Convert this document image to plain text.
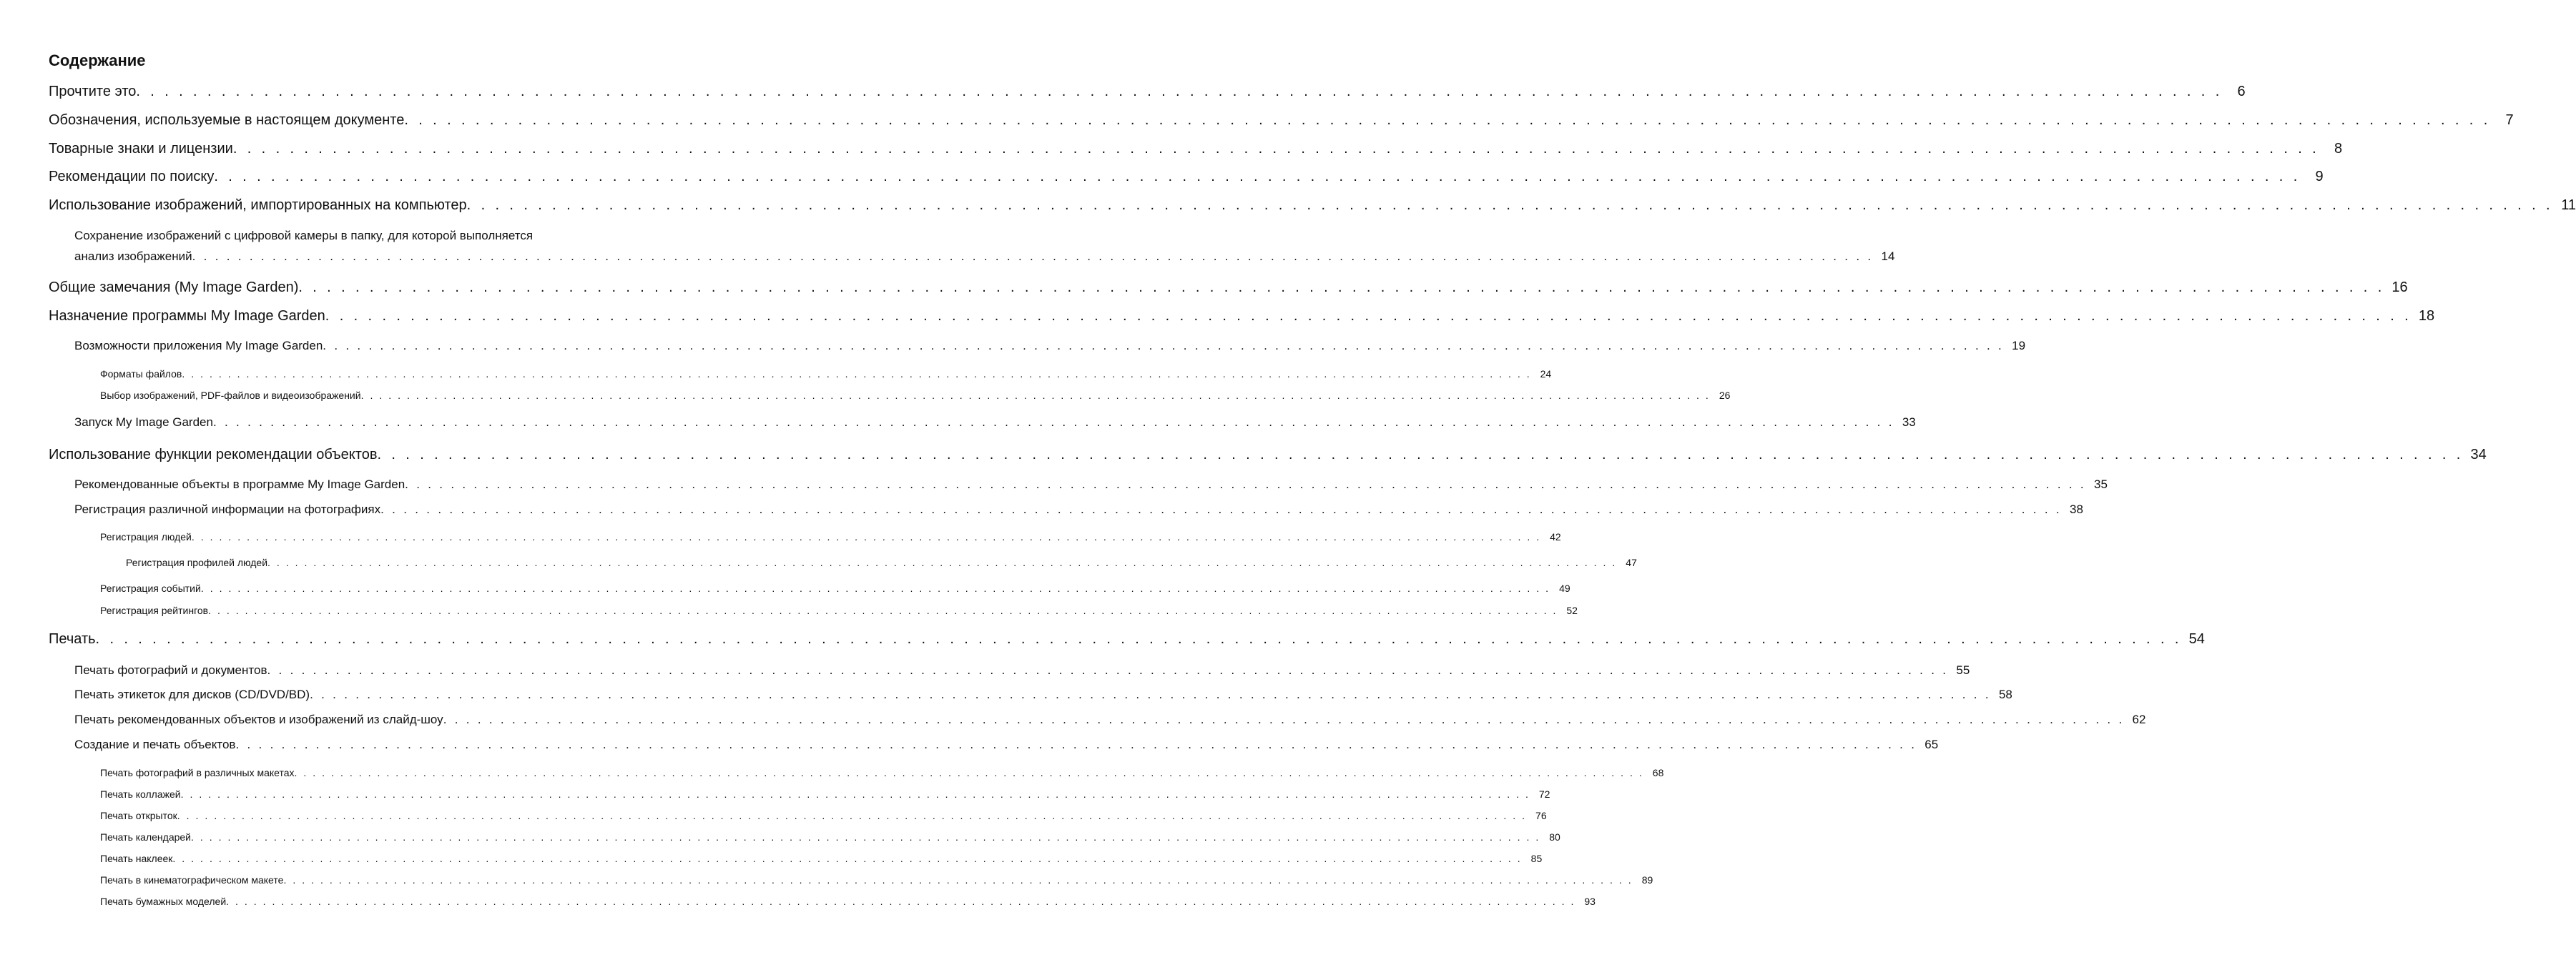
Содержание
Прочтите это . . . . . . . . . . . . . . . . . . . . . . . . . . . . . . . . . . . . . . . . . . . . . . . . . . . . . . . . . . . . . . . . . . . . . . . . . . . . . . . . . . . . . . . . . . . . . . . . . . . . . . . . . . . . . . . . . . . . . . . . . . . . . . . . . . . . . . . . . . . . . . . . . . .	6
Обозначения, используемые в настоящем документе . . . . . . . . . . . . . . . . . . . . . . . . . . . . . . . . . . . . . . . . . . . . . . . . . . . . . . . . . . . . . . . . . . . . . . . . . . . . . . . . . . . . . . . . . . . . . . . . . . . . . . . . . . . . . . . . . . . . . . . . . . . . . . . . . . . . . . . . . . . . . . . . . . .	7
Товарные знаки и лицензии . . . . . . . . . . . . . . . . . . . . . . . . . . . . . . . . . . . . . . . . . . . . . . . . . . . . . . . . . . . . . . . . . . . . . . . . . . . . . . . . . . . . . . . . . . . . . . . . . . . . . . . . . . . . . . . . . . . . . . . . . . . . . . . . . . . . . . . . . . . . . . . . . . .	8
Рекомендации по поиску . . . . . . . . . . . . . . . . . . . . . . . . . . . . . . . . . . . . . . . . . . . . . . . . . . . . . . . . . . . . . . . . . . . . . . . . . . . . . . . . . . . . . . . . . . . . . . . . . . . . . . . . . . . . . . . . . . . . . . . . . . . . . . . . . . . . . . . . . . . . . . . . . . .	9
Использование изображений, импортированных на компьютер . . . . . . . . . . . . . . . . . . . . . . . . . . . . . . . . . . . . . . . . . . . . . . . . . . . . . . . . . . . . . . . . . . . . . . . . . . . . . . . . . . . . . . . . . . . . . . . . . . . . . . . . . . . . . . . . . . . . . . . . . . . . . . . . . . . . . . . . . . . . . . . . . . . 11
Сохранение изображений с цифровой камеры в папку, для которой выполняется
анализ изображений . . . . . . . . . . . . . . . . . . . . . . . . . . . . . . . . . . . . . . . . . . . . . . . . . . . . . . . . . . . . . . . . . . . . . . . . . . . . . . . . . . . . . . . . . . . . . . . . . . . . . . . . . . . . . . . . . . . . . . . . . . . . . . . . . . . . . . . . . . . . . . . . . . . 14
Общие замечания (My Image Garden) . . . . . . . . . . . . . . . . . . . . . . . . . . . . . . . . . . . . . . . . . . . . . . . . . . . . . . . . . . . . . . . . . . . . . . . . . . . . . . . . . . . . . . . . . . . . . . . . . . . . . . . . . . . . . . . . . . . . . . . . . . . . . . . . . . . . . . . . . . . . . . . . . . . 16
Назначение программы My Image Garden . . . . . . . . . . . . . . . . . . . . . . . . . . . . . . . . . . . . . . . . . . . . . . . . . . . . . . . . . . . . . . . . . . . . . . . . . . . . . . . . . . . . . . . . . . . . . . . . . . . . . . . . . . . . . . . . . . . . . . . . . . . . . . . . . . . . . . . . . . . . . . . . . . . 18
Возможности приложения My Image Garden . . . . . . . . . . . . . . . . . . . . . . . . . . . . . . . . . . . . . . . . . . . . . . . . . . . . . . . . . . . . . . . . . . . . . . . . . . . . . . . . . . . . . . . . . . . . . . . . . . . . . . . . . . . . . . . . . . . . . . . . . . . . . . . . . . . . . . . . . . . . . . . . . . . 19
Форматы файлов . . . . . . . . . . . . . . . . . . . . . . . . . . . . . . . . . . . . . . . . . . . . . . . . . . . . . . . . . . . . . . . . . . . . . . . . . . . . . . . . . . . . . . . . . . . . . . . . . . . . . . . . . . . . . . . . . . . . . . . . . . . . . . . . . . . . . . . . . . . . . . . . . . . 24
Выбор изображений, PDF-файлов и видеоизображений . . . . . . . . . . . . . . . . . . . . . . . . . . . . . . . . . . . . . . . . . . . . . . . . . . . . . . . . . . . . . . . . . . . . . . . . . . . . . . . . . . . . . . . . . . . . . . . . . . . . . . . . . . . . . . . . . . . . . . . . . . . . . . . . . . . . . . . . . . . . . . . . . . . 26
Запуск My Image Garden . . . . . . . . . . . . . . . . . . . . . . . . . . . . . . . . . . . . . . . . . . . . . . . . . . . . . . . . . . . . . . . . . . . . . . . . . . . . . . . . . . . . . . . . . . . . . . . . . . . . . . . . . . . . . . . . . . . . . . . . . . . . . . . . . . . . . . . . . . . . . . . . . . . 33
Использование функции рекомендации объектов . . . . . . . . . . . . . . . . . . . . . . . . . . . . . . . . . . . . . . . . . . . . . . . . . . . . . . . . . . . . . . . . . . . . . . . . . . . . . . . . . . . . . . . . . . . . . . . . . . . . . . . . . . . . . . . . . . . . . . . . . . . . . . . . . . . . . . . . . . . . . . . . . . . 34
Рекомендованные объекты в программе My Image Garden . . . . . . . . . . . . . . . . . . . . . . . . . . . . . . . . . . . . . . . . . . . . . . . . . . . . . . . . . . . . . . . . . . . . . . . . . . . . . . . . . . . . . . . . . . . . . . . . . . . . . . . . . . . . . . . . . . . . . . . . . . . . . . . . . . . . . . . . . . . . . . . . . . . 35
Регистрация различной информации на фотографиях . . . . . . . . . . . . . . . . . . . . . . . . . . . . . . . . . . . . . . . . . . . . . . . . . . . . . . . . . . . . . . . . . . . . . . . . . . . . . . . . . . . . . . . . . . . . . . . . . . . . . . . . . . . . . . . . . . . . . . . . . . . . . . . . . . . . . . . . . . . . . . . . . . . 38
Регистрация людей . . . . . . . . . . . . . . . . . . . . . . . . . . . . . . . . . . . . . . . . . . . . . . . . . . . . . . . . . . . . . . . . . . . . . . . . . . . . . . . . . . . . . . . . . . . . . . . . . . . . . . . . . . . . . . . . . . . . . . . . . . . . . . . . . . . . . . . . . . . . . . . . . . . 42
Регистрация профилей людей . . . . . . . . . . . . . . . . . . . . . . . . . . . . . . . . . . . . . . . . . . . . . . . . . . . . . . . . . . . . . . . . . . . . . . . . . . . . . . . . . . . . . . . . . . . . . . . . . . . . . . . . . . . . . . . . . . . . . . . . . . . . . . . . . . . . . . . . . . . . . . . . . . . 47
Регистрация событий . . . . . . . . . . . . . . . . . . . . . . . . . . . . . . . . . . . . . . . . . . . . . . . . . . . . . . . . . . . . . . . . . . . . . . . . . . . . . . . . . . . . . . . . . . . . . . . . . . . . . . . . . . . . . . . . . . . . . . . . . . . . . . . . . . . . . . . . . . . . . . . . . . . 49
Регистрация рейтингов . . . . . . . . . . . . . . . . . . . . . . . . . . . . . . . . . . . . . . . . . . . . . . . . . . . . . . . . . . . . . . . . . . . . . . . . . . . . . . . . . . . . . . . . . . . . . . . . . . . . . . . . . . . . . . . . . . . . . . . . . . . . . . . . . . . . . . . . . . . . . . . . . . . 52
Печать . . . . . . . . . . . . . . . . . . . . . . . . . . . . . . . . . . . . . . . . . . . . . . . . . . . . . . . . . . . . . . . . . . . . . . . . . . . . . . . . . . . . . . . . . . . . . . . . . . . . . . . . . . . . . . . . . . . . . . . . . . . . . . . . . . . . . . . . . . . . . . . . . . . 54
Печать фотографий и документов . . . . . . . . . . . . . . . . . . . . . . . . . . . . . . . . . . . . . . . . . . . . . . . . . . . . . . . . . . . . . . . . . . . . . . . . . . . . . . . . . . . . . . . . . . . . . . . . . . . . . . . . . . . . . . . . . . . . . . . . . . . . . . . . . . . . . . . . . . . . . . . . . . . 55
Печать этикеток для дисков (CD/DVD/BD) . . . . . . . . . . . . . . . . . . . . . . . . . . . . . . . . . . . . . . . . . . . . . . . . . . . . . . . . . . . . . . . . . . . . . . . . . . . . . . . . . . . . . . . . . . . . . . . . . . . . . . . . . . . . . . . . . . . . . . . . . . . . . . . . . . . . . . . . . . . . . . . . . . . 58
Печать рекомендованных объектов и изображений из слайд-шоу . . . . . . . . . . . . . . . . . . . . . . . . . . . . . . . . . . . . . . . . . . . . . . . . . . . . . . . . . . . . . . . . . . . . . . . . . . . . . . . . . . . . . . . . . . . . . . . . . . . . . . . . . . . . . . . . . . . . . . . . . . . . . . . . . . . . . . . . . . . . . . . . . . . 62
Создание и печать объектов . . . . . . . . . . . . . . . . . . . . . . . . . . . . . . . . . . . . . . . . . . . . . . . . . . . . . . . . . . . . . . . . . . . . . . . . . . . . . . . . . . . . . . . . . . . . . . . . . . . . . . . . . . . . . . . . . . . . . . . . . . . . . . . . . . . . . . . . . . . . . . . . . . . 65
Печать фотографий в различных макетах . . . . . . . . . . . . . . . . . . . . . . . . . . . . . . . . . . . . . . . . . . . . . . . . . . . . . . . . . . . . . . . . . . . . . . . . . . . . . . . . . . . . . . . . . . . . . . . . . . . . . . . . . . . . . . . . . . . . . . . . . . . . . . . . . . . . . . . . . . . . . . . . . . . 68
Печать коллажей . . . . . . . . . . . . . . . . . . . . . . . . . . . . . . . . . . . . . . . . . . . . . . . . . . . . . . . . . . . . . . . . . . . . . . . . . . . . . . . . . . . . . . . . . . . . . . . . . . . . . . . . . . . . . . . . . . . . . . . . . . . . . . . . . . . . . . . . . . . . . . . . . . . 72
Печать открыток . . . . . . . . . . . . . . . . . . . . . . . . . . . . . . . . . . . . . . . . . . . . . . . . . . . . . . . . . . . . . . . . . . . . . . . . . . . . . . . . . . . . . . . . . . . . . . . . . . . . . . . . . . . . . . . . . . . . . . . . . . . . . . . . . . . . . . . . . . . . . . . . . . . 76
Печать календарей . . . . . . . . . . . . . . . . . . . . . . . . . . . . . . . . . . . . . . . . . . . . . . . . . . . . . . . . . . . . . . . . . . . . . . . . . . . . . . . . . . . . . . . . . . . . . . . . . . . . . . . . . . . . . . . . . . . . . . . . . . . . . . . . . . . . . . . . . . . . . . . . . . . 80
Печать наклеек . . . . . . . . . . . . . . . . . . . . . . . . . . . . . . . . . . . . . . . . . . . . . . . . . . . . . . . . . . . . . . . . . . . . . . . . . . . . . . . . . . . . . . . . . . . . . . . . . . . . . . . . . . . . . . . . . . . . . . . . . . . . . . . . . . . . . . . . . . . . . . . . . . . 85
Печать в кинематографическом макете . . . . . . . . . . . . . . . . . . . . . . . . . . . . . . . . . . . . . . . . . . . . . . . . . . . . . . . . . . . . . . . . . . . . . . . . . . . . . . . . . . . . . . . . . . . . . . . . . . . . . . . . . . . . . . . . . . . . . . . . . . . . . . . . . . . . . . . . . . . . . . . . . . . 89
Печать бумажных моделей . . . . . . . . . . . . . . . . . . . . . . . . . . . . . . . . . . . . . . . . . . . . . . . . . . . . . . . . . . . . . . . . . . . . . . . . . . . . . . . . . . . . . . . . . . . . . . . . . . . . . . . . . . . . . . . . . . . . . . . . . . . . . . . . . . . . . . . . . . . . . . . . . . . 93
